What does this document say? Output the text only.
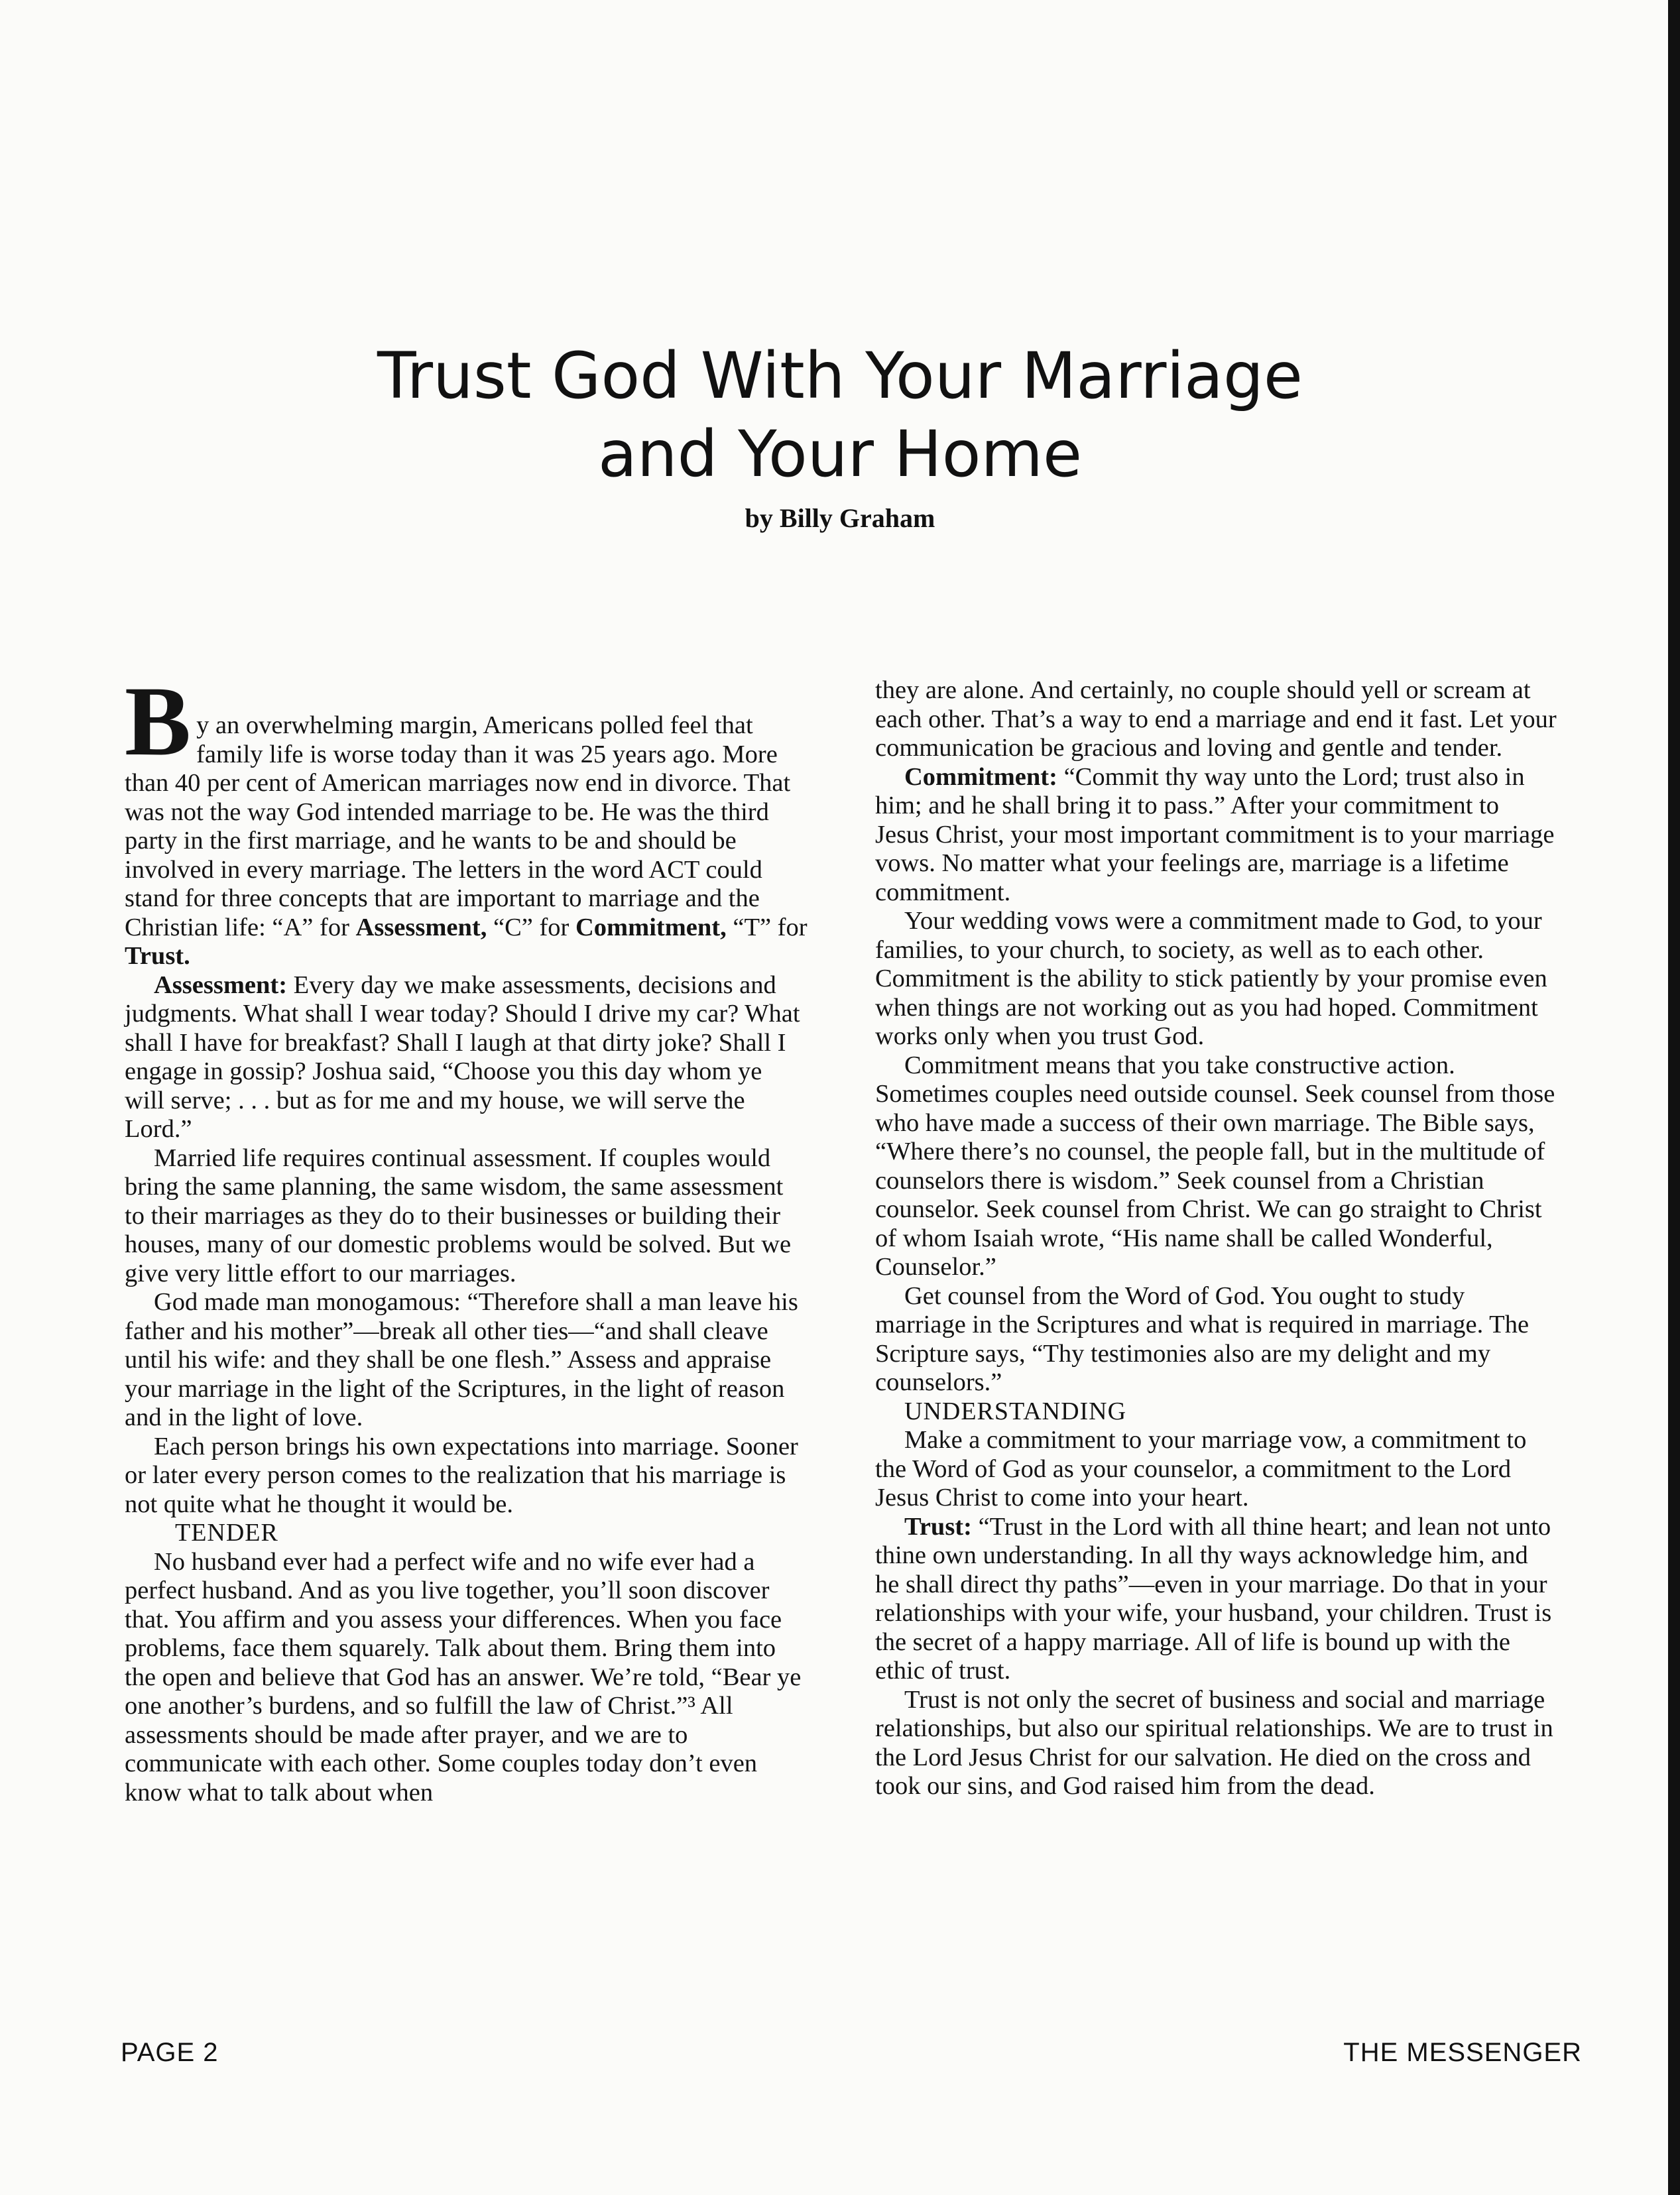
Trust God With Your Marriage
and Your Home
by Billy Graham

By an overwhelming margin, Americans polled feel that family life is worse today than it was 25 years ago. More than 40 per cent of American marriages now end in divorce. That was not the way God intended marriage to be. He was the third party in the first marriage, and he wants to be and should be involved in every marriage. The letters in the word ACT could stand for three concepts that are important to marriage and the Christian life: “A” for Assessment, “C” for Commitment, “T” for Trust.

Assessment: Every day we make assessments, decisions and judgments. What shall I wear today? Should I drive my car? What shall I have for breakfast? Shall I laugh at that dirty joke? Shall I engage in gossip? Joshua said, “Choose you this day whom ye will serve; . . . but as for me and my house, we will serve the Lord.”

Married life requires continual assessment. If couples would bring the same planning, the same wisdom, the same assessment to their marriages as they do to their businesses or building their houses, many of our domestic problems would be solved. But we give very little effort to our marriages.

God made man monogamous: “Therefore shall a man leave his father and his mother”—break all other ties—“and shall cleave until his wife: and they shall be one flesh.” Assess and appraise your marriage in the light of the Scriptures, in the light of reason and in the light of love.

Each person brings his own expectations into marriage. Sooner or later every person comes to the realization that his marriage is not quite what he thought it would be.

TENDER

No husband ever had a perfect wife and no wife ever had a perfect husband. And as you live together, you’ll soon discover that. You affirm and you assess your differences. When you face problems, face them squarely. Talk about them. Bring them into the open and believe that God has an answer. We’re told, “Bear ye one another’s burdens, and so fulfill the law of Christ.”³ All assessments should be made after prayer, and we are to communicate with each other. Some couples today don’t even know what to talk about when

they are alone. And certainly, no couple should yell or scream at each other. That’s a way to end a marriage and end it fast. Let your communication be gracious and loving and gentle and tender.

Commitment: “Commit thy way unto the Lord; trust also in him; and he shall bring it to pass.” After your commitment to Jesus Christ, your most important commitment is to your marriage vows. No matter what your feelings are, marriage is a lifetime commitment.

Your wedding vows were a commitment made to God, to your families, to your church, to society, as well as to each other. Commitment is the ability to stick patiently by your promise even when things are not working out as you had hoped. Commitment works only when you trust God.

Commitment means that you take constructive action. Sometimes couples need outside counsel. Seek counsel from those who have made a success of their own marriage. The Bible says, “Where there’s no counsel, the people fall, but in the multitude of counselors there is wisdom.” Seek counsel from a Christian counselor. Seek counsel from Christ. We can go straight to Christ of whom Isaiah wrote, “His name shall be called Wonderful, Counselor.”

Get counsel from the Word of God. You ought to study marriage in the Scriptures and what is required in marriage. The Scripture says, “Thy testimonies also are my delight and my counselors.”

UNDERSTANDING

Make a commitment to your marriage vow, a commitment to the Word of God as your counselor, a commitment to the Lord Jesus Christ to come into your heart.

Trust: “Trust in the Lord with all thine heart; and lean not unto thine own understanding. In all thy ways acknowledge him, and he shall direct thy paths”—even in your marriage. Do that in your relationships with your wife, your husband, your children. Trust is the secret of a happy marriage. All of life is bound up with the ethic of trust.

Trust is not only the secret of business and social and marriage relationships, but also our spiritual relationships. We are to trust in the Lord Jesus Christ for our salvation. He died on the cross and took our sins, and God raised him from the dead.

PAGE 2	THE MESSENGER
